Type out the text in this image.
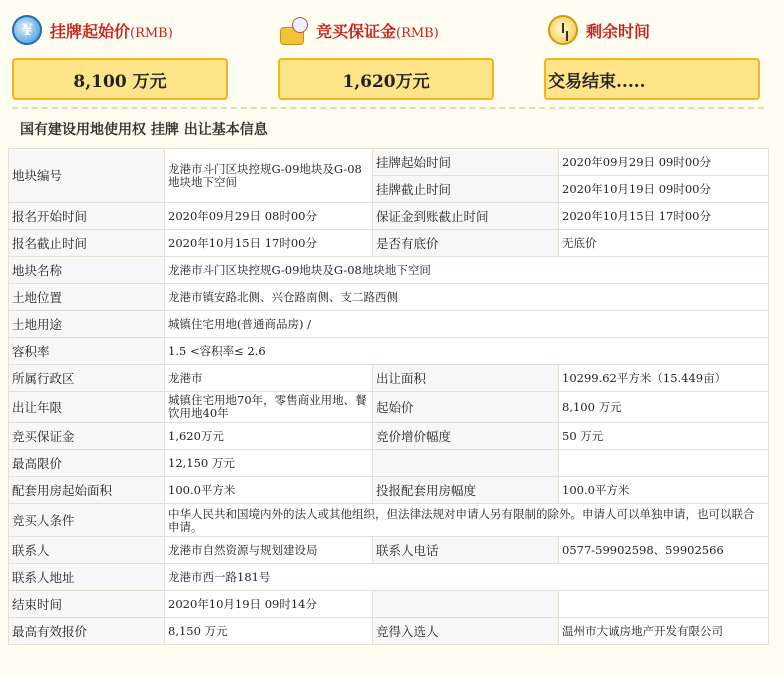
¥
挂牌起始价(RMB)	竞买保证金(RMB)	剩余时间
8,100 万元	1,620万元	交易结束.....
国有建设用地使用权 挂牌 出让基本信息
地块编号	龙港市斗门区块控规G-09地块及G-08地块地下空间	挂牌起始时间	2020年09月29日 09时00分
		挂牌截止时间	2020年10月19日 09时00分
报名开始时间	2020年09月29日 08时00分	保证金到账截止时间	2020年10月15日 17时00分
报名截止时间	2020年10月15日 17时00分	是否有底价	无底价
地块名称	龙港市斗门区块控规G-09地块及G-08地块地下空间		
土地位置	龙港市镇安路北侧、兴仓路南侧、支二路西侧		
土地用途	城镇住宅用地(普通商品房) /		
容积率	1.5 <容积率≤ 2.6		
所属行政区	龙港市	出让面积	10299.62平方米（15.449亩）
出让年限	城镇住宅用地70年，零售商业用地、餐饮用地40年	起始价	8,100 万元
竞买保证金	1,620万元	竞价增价幅度	50 万元
最高限价	12,150 万元		
配套用房起始面积	100.0平方米	投报配套用房幅度	100.0平方米
竞买人条件	中华人民共和国境内外的法人或其他组织，但法律法规对申请人另有限制的除外。申请人可以单独申请，也可以联合申请。		
联系人	龙港市自然资源与规划建设局	联系人电话	0577-59902598、59902566
联系人地址	龙港市西一路181号		
结束时间	2020年10月19日 09时14分		
最高有效报价	8,150 万元	竞得入选人	温州市大诚房地产开发有限公司
